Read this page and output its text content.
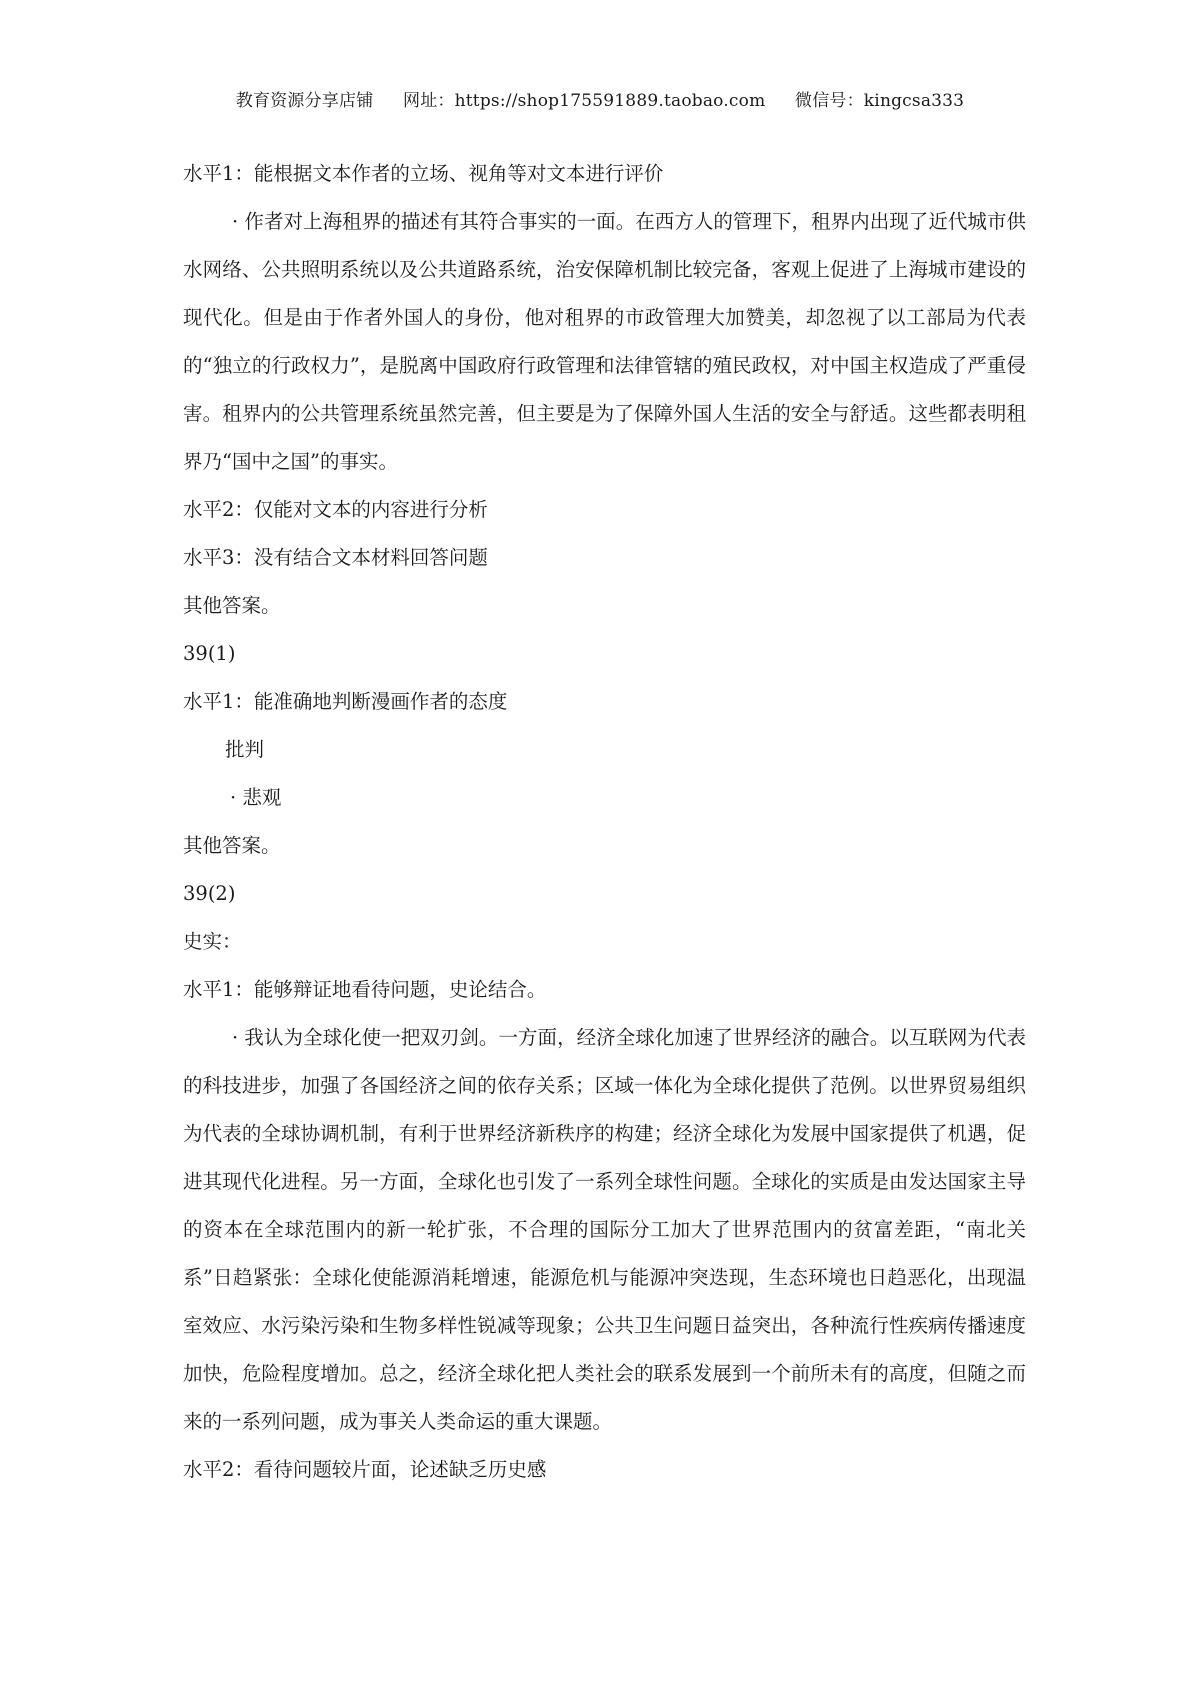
教育资源分享店铺 网址：https://shop175591889.taobao.com 微信号：kingcsa333
水平1：能根据文本作者的立场、视角等对文本进行评价
· 作者对上海租界的描述有其符合事实的一面。在西方人的管理下，租界内出现了近代城市供水网络、公共照明系统以及公共道路系统，治安保障机制比较完备，客观上促进了上海城市建设的现代化。但是由于作者外国人的身份，他对租界的市政管理大加赞美，却忽视了以工部局为代表的“独立的行政权力”，是脱离中国政府行政管理和法律管辖的殖民政权，对中国主权造成了严重侵害。租界内的公共管理系统虽然完善，但主要是为了保障外国人生活的安全与舒适。这些都表明租界乃“国中之国”的事实。
水平2：仅能对文本的内容进行分析
水平3：没有结合文本材料回答问题
其他答案。
39(1)
水平1：能准确地判断漫画作者的态度
批判
· 悲观
其他答案。
39(2)
史实：
水平1：能够辩证地看待问题，史论结合。
· 我认为全球化使一把双刃剑。一方面，经济全球化加速了世界经济的融合。以互联网为代表的科技进步，加强了各国经济之间的依存关系；区域一体化为全球化提供了范例。以世界贸易组织为代表的全球协调机制，有利于世界经济新秩序的构建；经济全球化为发展中国家提供了机遇，促进其现代化进程。另一方面，全球化也引发了一系列全球性问题。全球化的实质是由发达国家主导的资本在全球范围内的新一轮扩张，不合理的国际分工加大了世界范围内的贫富差距，“南北关系”日趋紧张：全球化使能源消耗增速，能源危机与能源冲突迭现，生态环境也日趋恶化，出现温室效应、水污染污染和生物多样性锐减等现象；公共卫生问题日益突出，各种流行性疾病传播速度加快，危险程度增加。总之，经济全球化把人类社会的联系发展到一个前所未有的高度，但随之而来的一系列问题，成为事关人类命运的重大课题。
水平2：看待问题较片面，论述缺乏历史感
